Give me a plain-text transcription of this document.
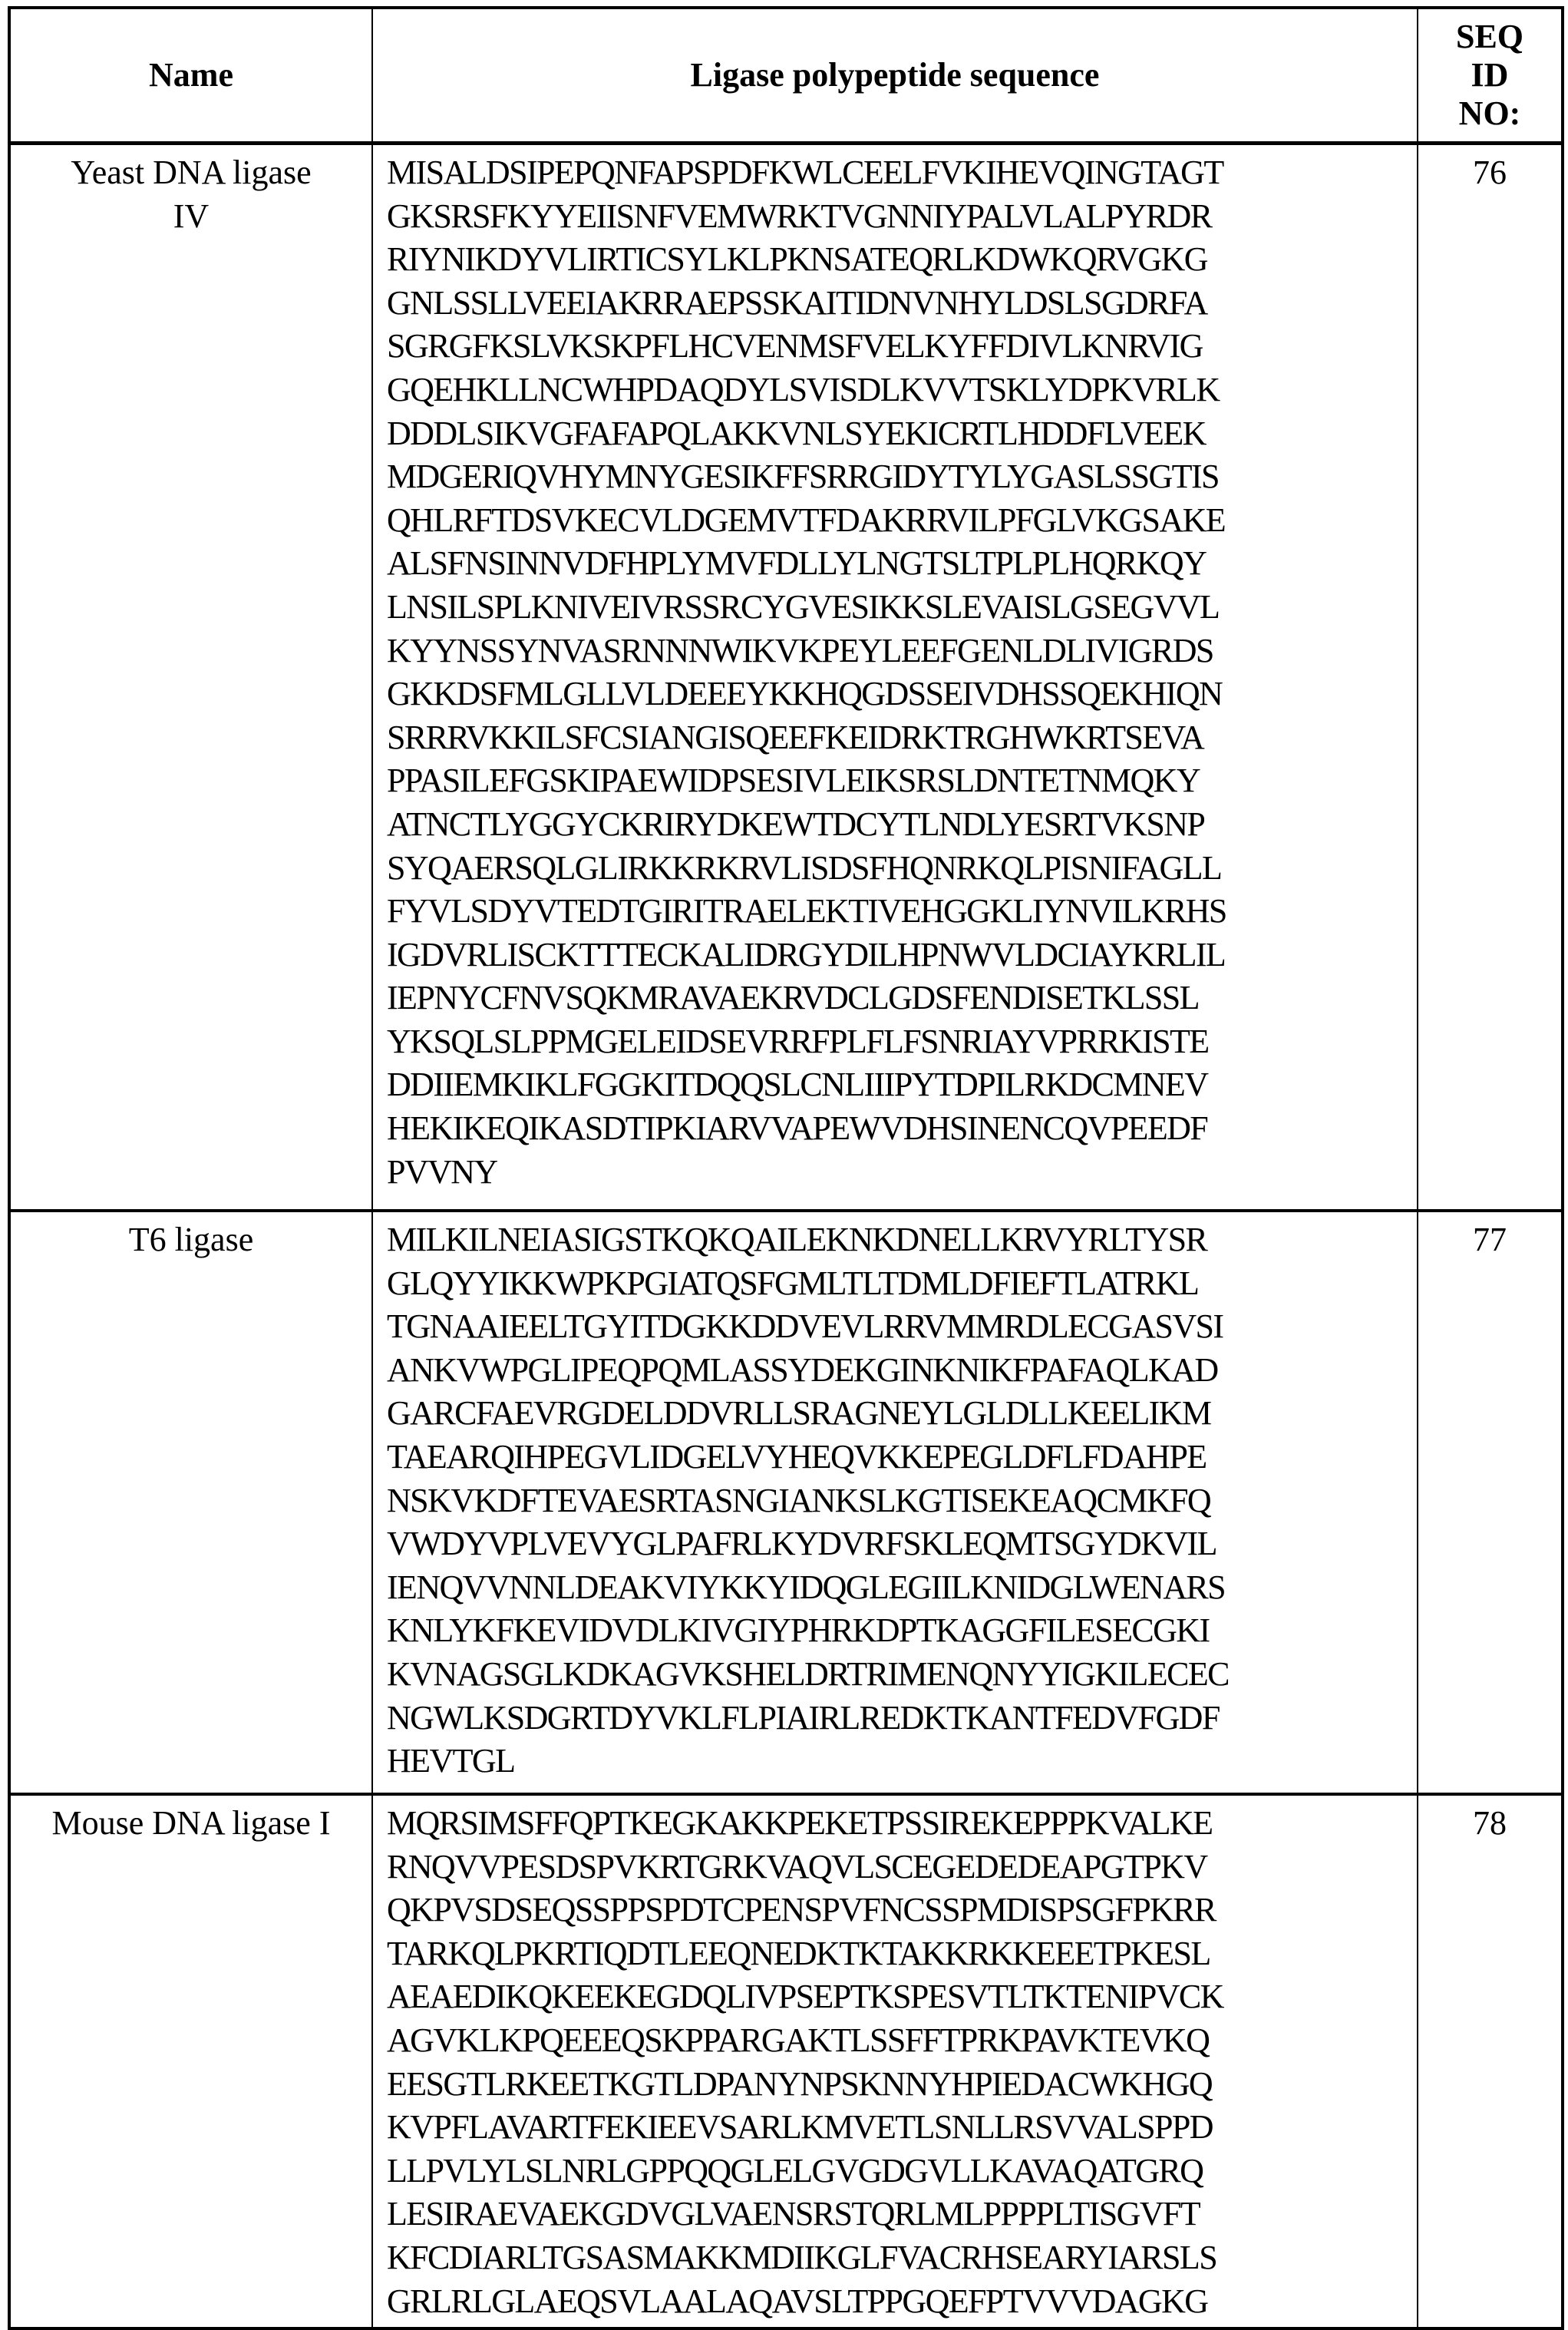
Name	Ligase polypeptide sequence	
SEQ
ID
NO:

Yeast DNA ligase
IV

MISALDSIPEPQNFAPSPDFKWLCEELFVKIHEVQINGTAGT
GKSRSFKYYEIISNFVEMWRKTVGNNIYPALVLALPYRDR
RIYNIKDYVLIRTICSYLKLPKNSATEQRLKDWKQRVGKG
GNLSSLLVEEIAKRRAEPSSKAITIDNVNHYLDSLSGDRFA
SGRGFKSLVKSKPFLHCVENMSFVELKYFFDIVLKNRVIG
GQEHKLLNCWHPDAQDYLSVISDLKVVTSKLYDPKVRLK
DDDLSIKVGFAFAPQLAKKVNLSYEKICRTLHDDFLVEEK
MDGERIQVHYMNYGESIKFFSRRGIDYTYLYGASLSSGTIS
QHLRFTDSVKECVLDGEMVTFDAKRRVILPFGLVKGSAKE
ALSFNSINNVDFHPLYMVFDLLYLNGTSLTPLPLHQRKQY
LNSILSPLKNIVEIVRSSRCYGVESIKKSLEVAISLGSEGVVL
KYYNSSYNVASRNNNWIKVKPEYLEEFGENLDLIVIGRDS
GKKDSFMLGLLVLDEEEYKKHQGDSSEIVDHSSQEKHIQN
SRRRVKKILSFCSIANGISQEEFKEIDRKTRGHWKRTSEVA
PPASILEFGSKIPAEWIDPSESIVLEIKSRSLDNTETNMQKY
ATNCTLYGGYCKRIRYDKEWTDCYTLNDLYESRTVKSNP
SYQAERSQLGLIRKKRKRVLISDSFHQNRKQLPISNIFAGLL
FYVLSDYVTEDTGIRITRAELEKTIVEHGGKLIYNVILKRHS
IGDVRLISCKTTTECKALIDRGYDILHPNWVLDCIAYKRLIL
IEPNYCFNVSQKMRAVAEKRVDCLGDSFENDISETKLSSL
YKSQLSLPPMGELEIDSEVRRFPLFLFSNRIAYVPRRKISTE
DDIIEMKIKLFGGKITDQQSLCNLIIIPYTDPILRKDCMNEV
HEKIKEQIKASDTIPKIARVVAPEWVDHSINENCQVPEEDF
PVVNY
	76

T6 ligase	MILKILNEIASIGSTKQKQAILEKNKDNELLKRVYRLTYSR
GLQYYIKKWPKPGIATQSFGMLTLTDMLDFIEFTLATRKL
TGNAAIEELTGYITDGKKDDVEVLRRVMMRDLECGASVSI
ANKVWPGLIPEQPQMLASSYDEKGINKNIKFPAFAQLKAD
GARCFAEVRGDELDDVRLLSRAGNEYLGLDLLKEELIKM
TAEARQIHPEGVLIDGELVYHEQVKKEPEGLDFLFDAHPE
NSKVKDFTEVAESRTASNGIANKSLKGTISEKEAQCMKFQ
VWDYVPLVEVYGLPAFRLKYDVRFSKLEQMTSGYDKVIL
IENQVVNNLDEAKVIYKKYIDQGLEGIILKNIDGLWENARS
KNLYKFKEVIDVDLKIVGIYPHRKDPTKAGGFILESECGKI
KVNAGSGLKDKAGVKSHELDRTRIMENQNYYIGKILECEC
NGWLKSDGRTDYVKLFLPIAIRLREDKTKANTFEDVFGDF
HEVTGL
	77

Mouse DNA ligase I	MQRSIMSFFQPTKEGKAKKPEKETPSSIREKEPPPKVALKE
RNQVVPESDSPVKRTGRKVAQVLSCEGEDEDEAPGTPKV
QKPVSDSEQSSPPSPDTCPENSPVFNCSSPMDISPSGFPKRR
TARKQLPKRTIQDTLEEQNEDKTKTAKKRKKEEETPKESL
AEAEDIKQKEEKEGDQLIVPSEPTKSPESVTLTKTENIPVCK
AGVKLKPQEEEQSKPPARGAKTLSSFFTPRKPAVKTEVKQ
EESGTLRKEETKGTLDPANYNPSKNNYHPIEDACWKHGQ
KVPFLAVARTFEKIEEVSARLKMVETLSNLLRSVVALSPPD
LLPVLYLSLNRLGPPQQGLELGVGDGVLLKAVAQATGRQ
LESIRAEVAEKGDVGLVAENSRSTQRLMLPPPPLTISGVFT
KFCDIARLTGSASMAKKMDIIKGLFVACRHSEARYIARSLS
GRLRLGLAEQSVLAALAQAVSLTPPGQEFPTVVVDAGKG
	78
